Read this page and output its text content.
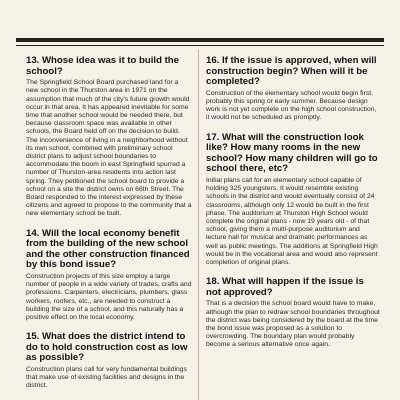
13. Whose idea was it to build the school?

The Springfield School Board purchased land for a new school in the Thurston area in 1971 on the assumption that much of the city's future growth would occur in that area. It has appeared inevitable for some time that another school would be needed there, but because classroom space was available in other schools, the Board held off on the decision to build. The inconvenience of living in a neighborhood without its own school, combined with preliminary school district plans to adjust school boundaries to accommodate the boom in east Springfield spurred a number of Thurston-area residents into action last spring. They petitioned the school board to provide a school on a site the district owns on 66th Street. The Board responded to the interest expressed by these citizens and agreed to propose to the community that a new elementary school be built.

14. Will the local economy benefit from the building of the new school and the other construction financed by this bond issue?

Construction projects of this size employ a large number of people in a wide variety of trades, crafts and professions. Carpenters, electricians, plumbers, glass workers, roofers, etc., are needed to construct a building the size of a school, and this naturally has a positive effect on the local economy.

15. What does the district intend to do to hold construction cost as low as possible?

Construction plans call for very fundamental buildings that make use of existing facilities and designs in the district.

16. If the issue is approved, when will construction begin? When will it be completed?

Construction of the elementary school would begin first, probably this spring or early summer. Because design work is not yet complete on the high school construction, it would not be scheduled as promptly.

17. What will the construction look like? How many rooms in the new school? How many children will go to school there, etc?

Initial plans call for an elementary school capable of holding 325 youngsters. It would resemble existing schools in the district and would eventually consist of 24 classrooms, although only 12 would be built in the first phase. The auditorium at Thurston High School would complete the original plans - now 19 years old - of that school, giving them a multi-purpose auditorium and lecture hall for musical and dramatic performances as well as public meetings. The additions at Springfield High would be in the vocational area and would also represent completion of original plans.

18. What will happen if the issue is not approved?

That is a decision the school board would have to make, although the plan to redraw school boundaries throughout the district was being considered by the board at the time the bond issue was proposed as a solution to overcrowding. The boundary plan would probably become a serious alternative once again.
